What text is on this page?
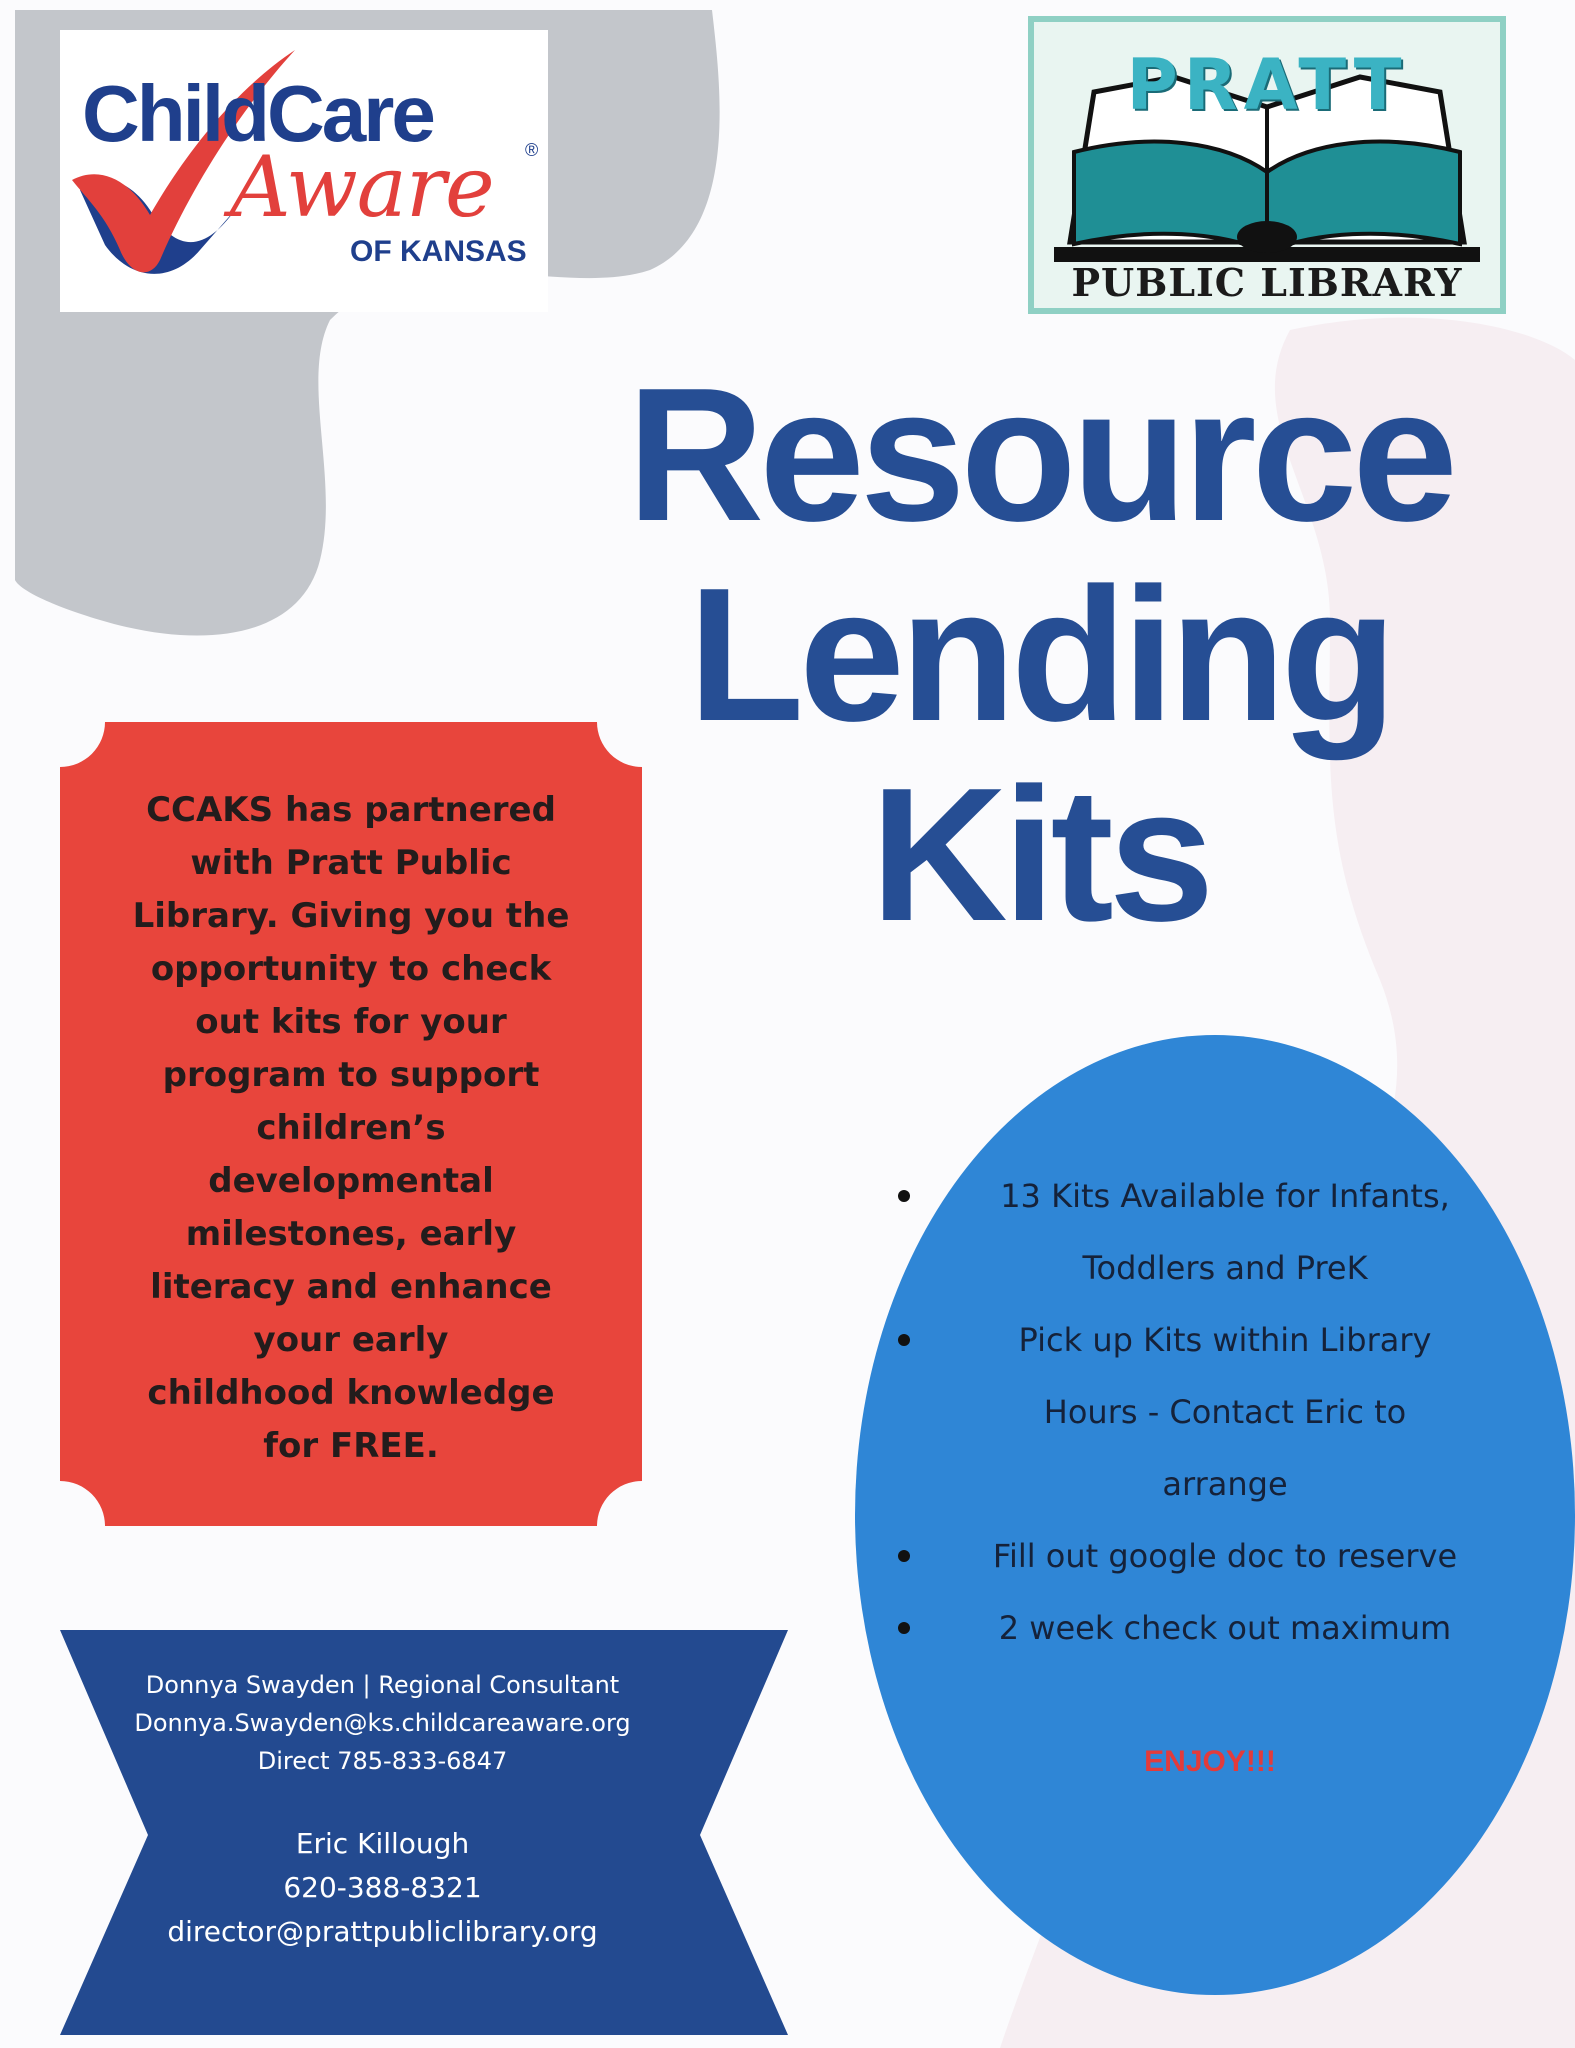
ChildCare
Aware ®
OF KANSAS
PRATT
PUBLIC LIBRARY
Resource
Lending
Kits
CCAKS has partnered
with Pratt Public
Library. Giving you the
opportunity to check
out kits for your
program to support
children’s
developmental
milestones, early
literacy and enhance
your early
childhood knowledge
for FREE.
13 Kits Available for Infants,
Toddlers and PreK
Pick up Kits within Library
Hours - Contact Eric to
arrange
Fill out google doc to reserve
2 week check out maximum
ENJOY!!!
Donnya Swayden | Regional Consultant
Donnya.Swayden@ks.childcareaware.org
Direct 785-833-6847
Eric Killough
620-388-8321
director@prattpubliclibrary.org
